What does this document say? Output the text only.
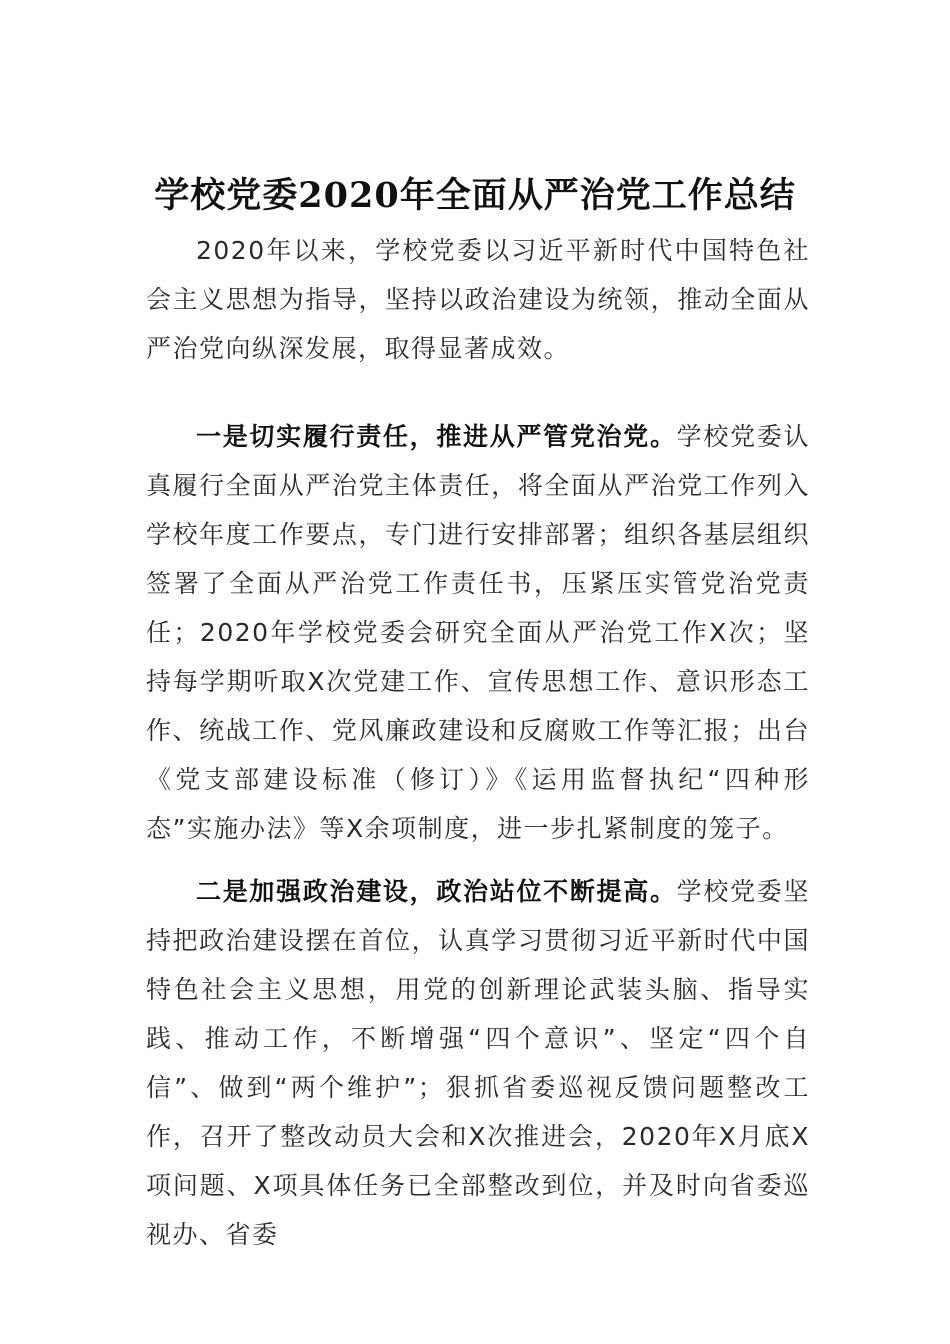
学校党委2020年全面从严治党工作总结

2020年以来，学校党委以习近平新时代中国特色社会主义思想为指导，坚持以政治建设为统领，推动全面从严治党向纵深发展，取得显著成效。

一是切实履行责任，推进从严管党治党。学校党委认真履行全面从严治党主体责任，将全面从严治党工作列入学校年度工作要点，专门进行安排部署；组织各基层组织签署了全面从严治党工作责任书，压紧压实管党治党责任；2020年学校党委会研究全面从严治党工作X次；坚持每学期听取X次党建工作、宣传思想工作、意识形态工作、统战工作、党风廉政建设和反腐败工作等汇报；出台《党支部建设标准（修订）》《运用监督执纪“四种形态”实施办法》等X余项制度，进一步扎紧制度的笼子。

二是加强政治建设，政治站位不断提高。学校党委坚持把政治建设摆在首位，认真学习贯彻习近平新时代中国特色社会主义思想，用党的创新理论武装头脑、指导实践、推动工作，不断增强“四个意识”、坚定“四个自信”、做到“两个维护”；狠抓省委巡视反馈问题整改工作，召开了整改动员大会和X次推进会，2020年X月底X项问题、X项具体任务已全部整改到位，并及时向省委巡视办、省委
